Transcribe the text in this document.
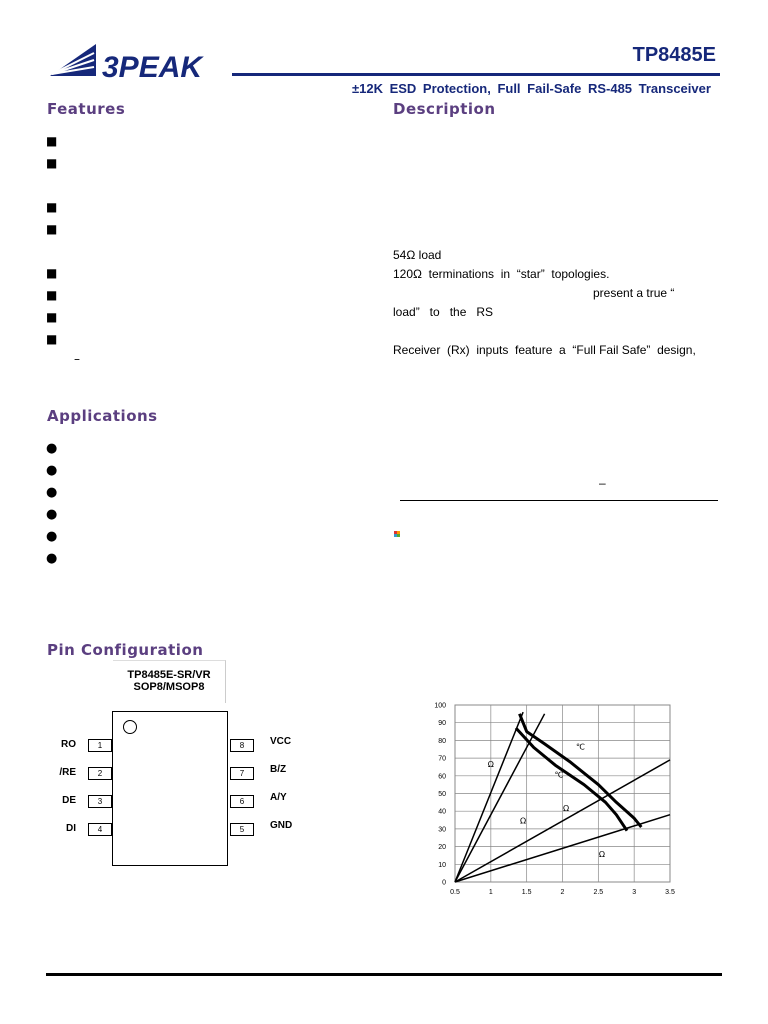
3PEAK	TP8485E
±12K ESD Protection, Full Fail-Safe RS-485 Transceiver
Features
■
■
■
■
■
■
■
■
–
Description
54Ω load
120Ω  terminations  in  “star”  topologies.
present a true “
load”   to   the   RS
Receiver  (Rx)  inputs  feature  a  “Full Fail Safe”  design,
–
Applications
●
●
●
●
●
●
Pin Configuration
TP8485E-SR/VR
SOP8/MSOP8
1
RO
2
/RE
3
DE
4
DI
8	VCC
7	B/Z
6	A/Y
5	GND
0.5	1	1.5	2	2.5	3	3.5
0
10
20
30
40
50
60
70
80
90
100
Ω
℃
℃
Ω
Ω
Ω
